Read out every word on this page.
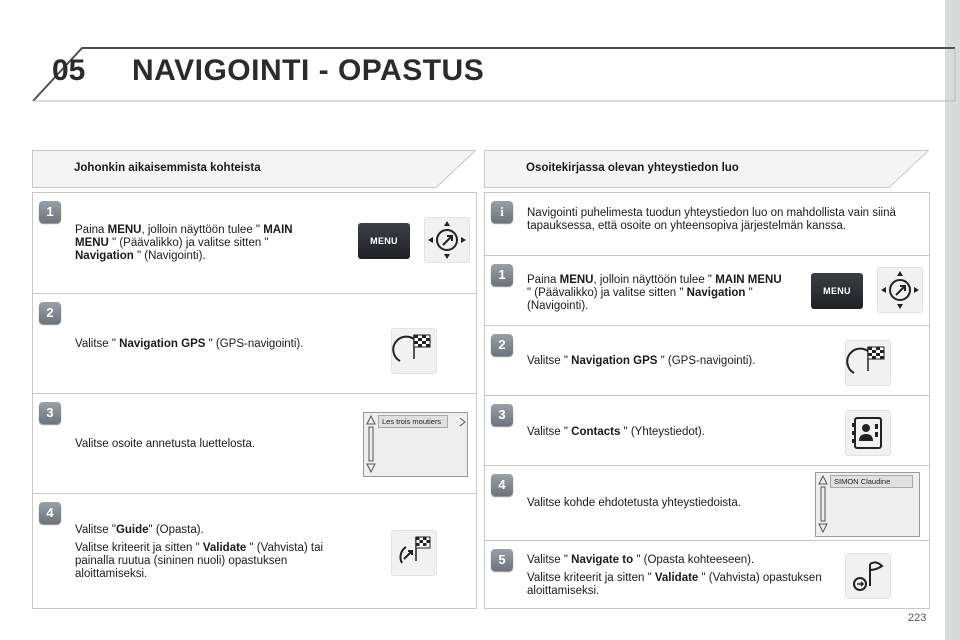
05 NAVIGOINTI - OPASTUS
Johonkin aikaisemmista kohteista
1
Paina MENU, jolloin näyttöön tulee " MAIN MENU " (Päävalikko) ja valitse sitten " Navigation " (Navigointi).
MENU
2
Valitse " Navigation GPS " (GPS-navigointi).
3
Valitse osoite annetusta luettelosta.
Les trois moutiers
4
Valitse "Guide" (Opasta).
Valitse kriteerit ja sitten " Validate " (Vahvista) tai painalla ruutua (sininen nuoli) opastuksen aloittamiseksi.
Osoitekirjassa olevan yhteystiedon luo
i	Navigointi puhelimesta tuodun yhteystiedon luo on mahdollista vain siinä tapauksessa, että osoite on yhteensopiva järjestelmän kanssa.
1	Paina MENU, jolloin näyttöön tulee " MAIN MENU " (Päävalikko) ja valitse sitten " Navigation " (Navigointi).
MENU
2
Valitse " Navigation GPS " (GPS-navigointi).
3
Valitse " Contacts " (Yhteystiedot).
4
Valitse kohde ehdotetusta yhteystiedoista.
SIMON Claudine
5	Valitse " Navigate to " (Opasta kohteeseen).
Valitse kriteerit ja sitten " Validate " (Vahvista) opastuksen aloittamiseksi.
223
